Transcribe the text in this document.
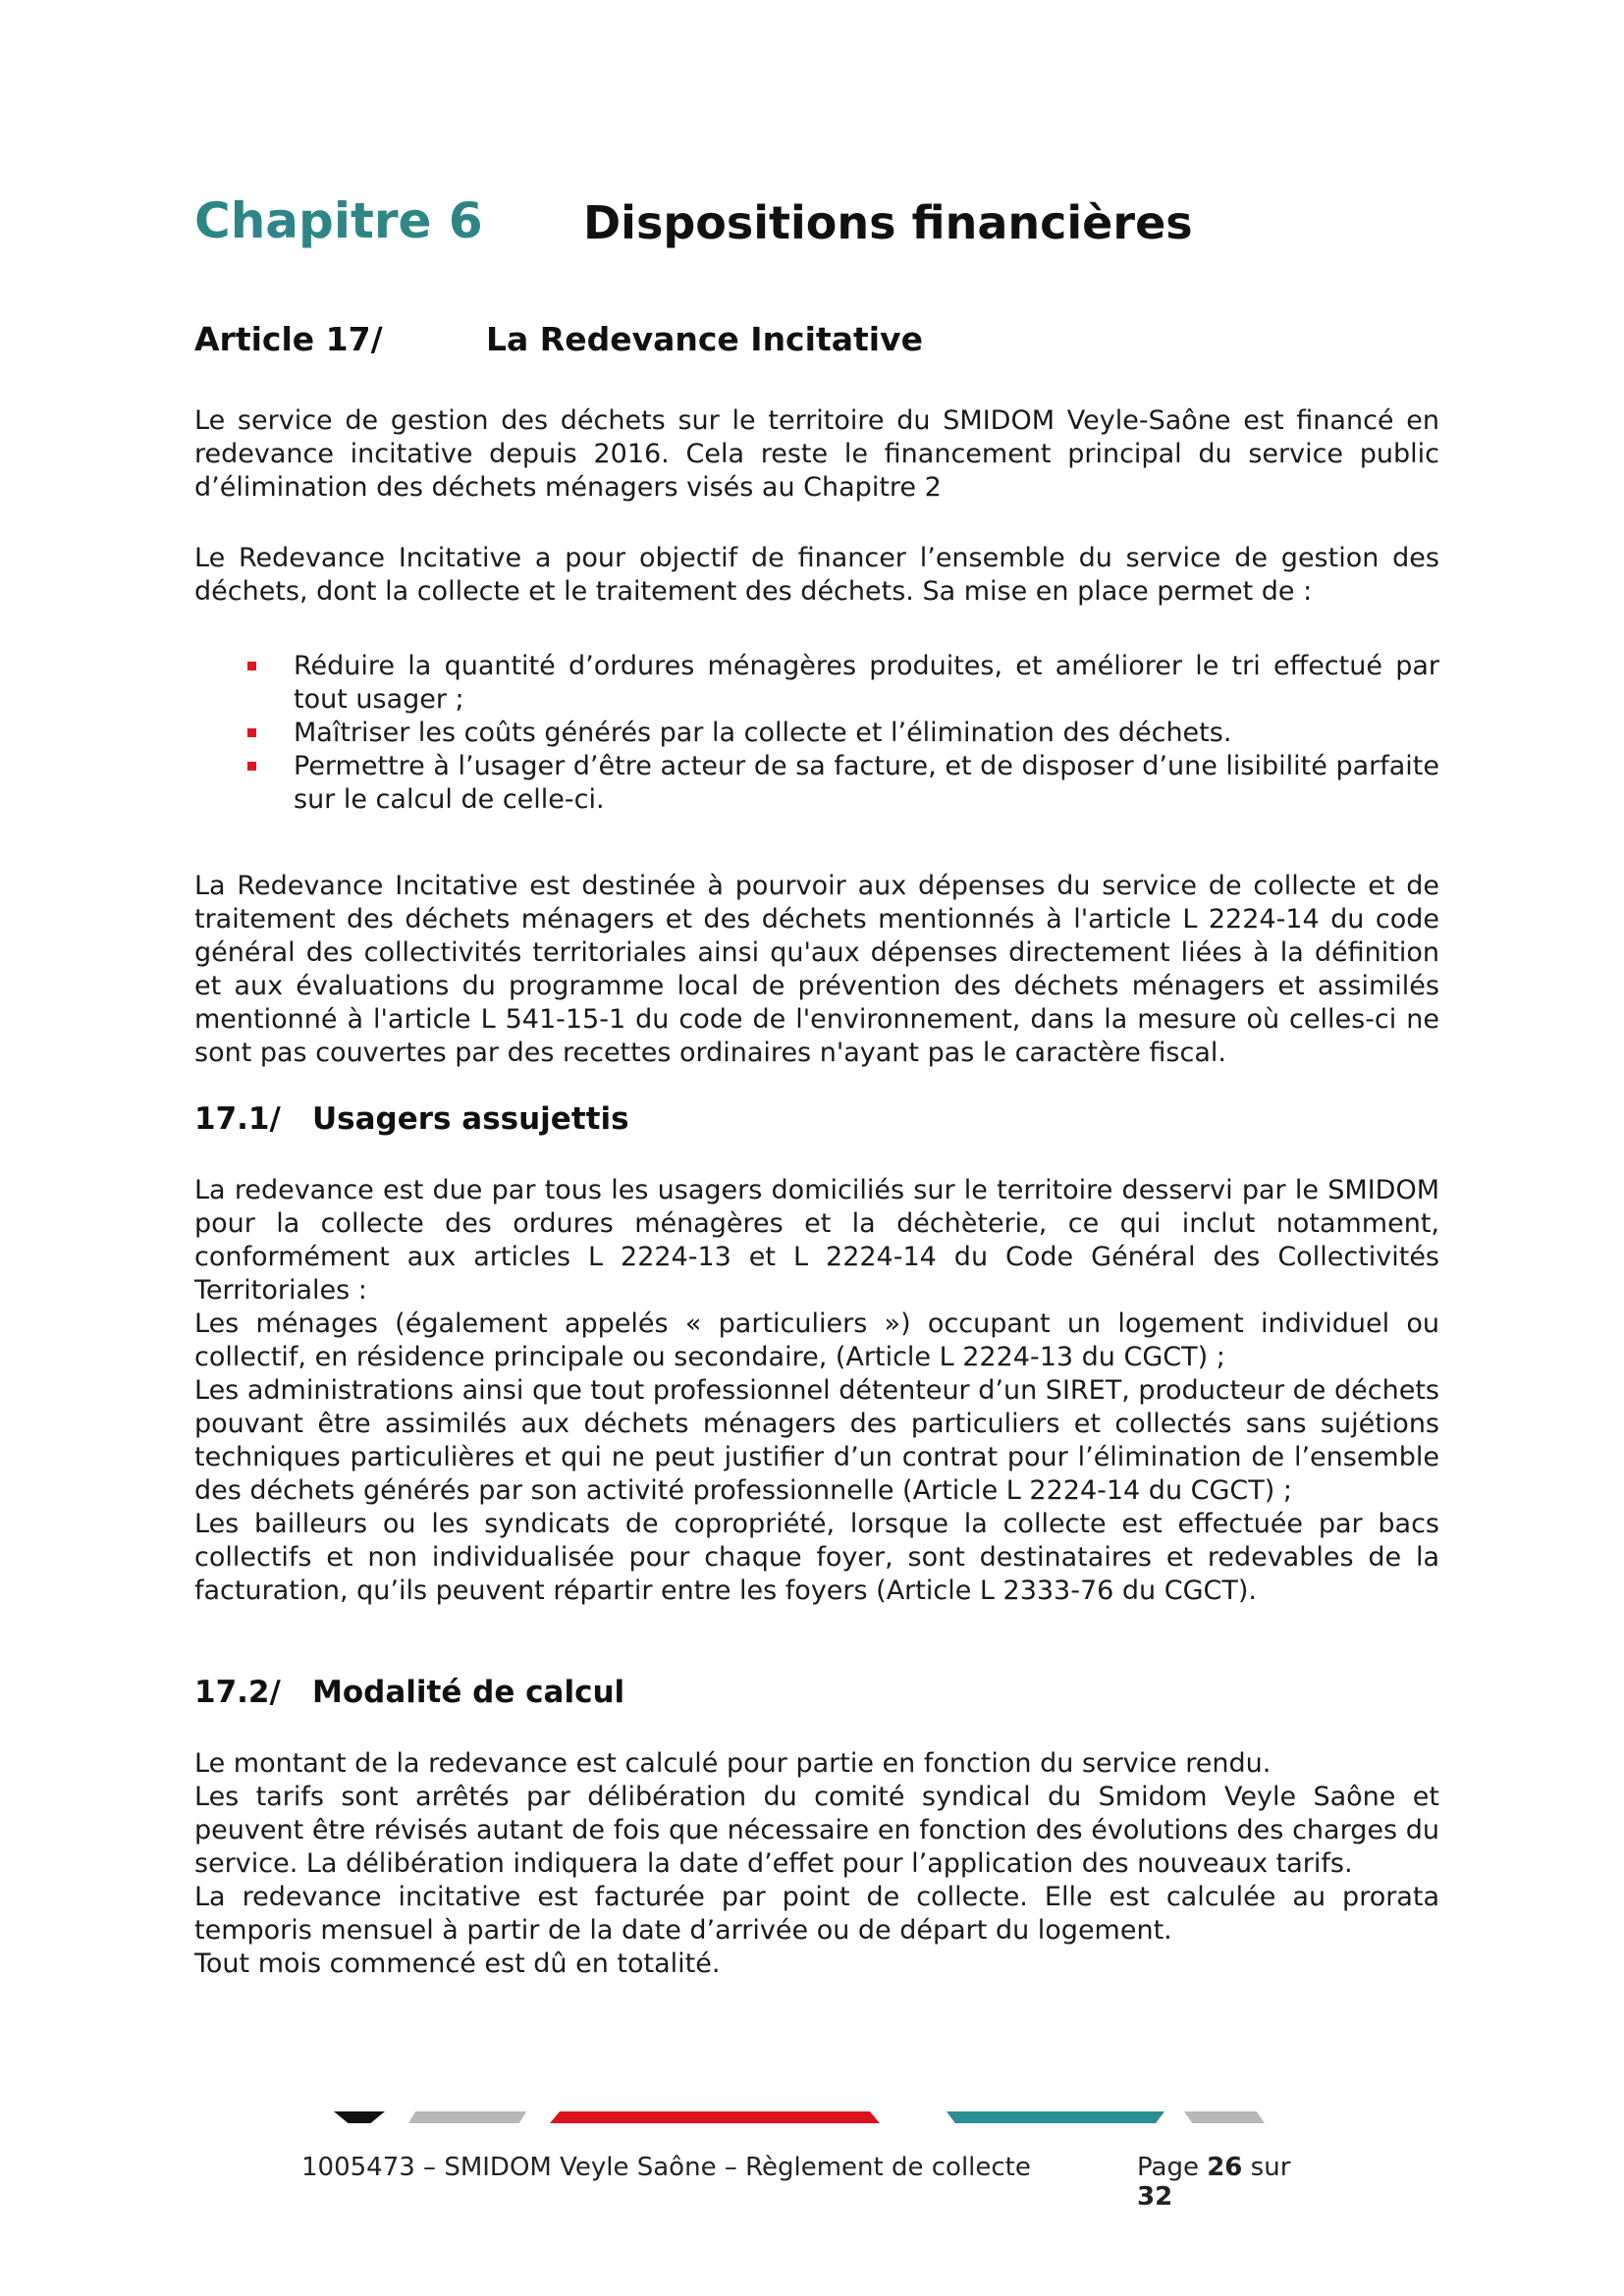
Chapitre 6 Dispositions financières
Article 17/	La Redevance Incitative

Le service de gestion des déchets sur le territoire du SMIDOM Veyle-Saône est financé en redevance incitative depuis 2016. Cela reste le financement principal du service public d’élimination des déchets ménagers visés au Chapitre 2

Le Redevance Incitative a pour objectif de financer l’ensemble du service de gestion des déchets, dont la collecte et le traitement des déchets. Sa mise en place permet de :

Réduire la quantité d’ordures ménagères produites, et améliorer le tri effectué par tout usager ;
Maîtriser les coûts générés par la collecte et l’élimination des déchets.
Permettre à l’usager d’être acteur de sa facture, et de disposer d’une lisibilité parfaite sur le calcul de celle-ci.

La Redevance Incitative est destinée à pourvoir aux dépenses du service de collecte et de traitement des déchets ménagers et des déchets mentionnés à l'article L 2224-14 du code général des collectivités territoriales ainsi qu'aux dépenses directement liées à la définition et aux évaluations du programme local de prévention des déchets ménagers et assimilés mentionné à l'article L 541-15-1 du code de l'environnement, dans la mesure où celles-ci ne sont pas couvertes par des recettes ordinaires n'ayant pas le caractère fiscal.

17.1/ Usagers assujettis

La redevance est due par tous les usagers domiciliés sur le territoire desservi par le SMIDOM pour la collecte des ordures ménagères et la déchèterie, ce qui inclut notamment, conformément aux articles L 2224-13 et L 2224-14 du Code Général des Collectivités Territoriales :

Les ménages (également appelés « particuliers ») occupant un logement individuel ou collectif, en résidence principale ou secondaire, (Article L 2224-13 du CGCT) ;

Les administrations ainsi que tout professionnel détenteur d’un SIRET, producteur de déchets pouvant être assimilés aux déchets ménagers des particuliers et collectés sans sujétions techniques particulières et qui ne peut justifier d’un contrat pour l’élimination de l’ensemble des déchets générés par son activité professionnelle (Article L 2224-14 du CGCT) ;

Les bailleurs ou les syndicats de copropriété, lorsque la collecte est effectuée par bacs collectifs et non individualisée pour chaque foyer, sont destinataires et redevables de la facturation, qu’ils peuvent répartir entre les foyers (Article L 2333-76 du CGCT).

17.2/ Modalité de calcul

Le montant de la redevance est calculé pour partie en fonction du service rendu.

Les tarifs sont arrêtés par délibération du comité syndical du Smidom Veyle Saône et peuvent être révisés autant de fois que nécessaire en fonction des évolutions des charges du service. La délibération indiquera la date d’effet pour l’application des nouveaux tarifs.

La redevance incitative est facturée par point de collecte. Elle est calculée au prorata temporis mensuel à partir de la date d’arrivée ou de départ du logement.

Tout mois commencé est dû en totalité.

1005473 – SMIDOM Veyle Saône – Règlement de collecte	Page 26 sur 32
